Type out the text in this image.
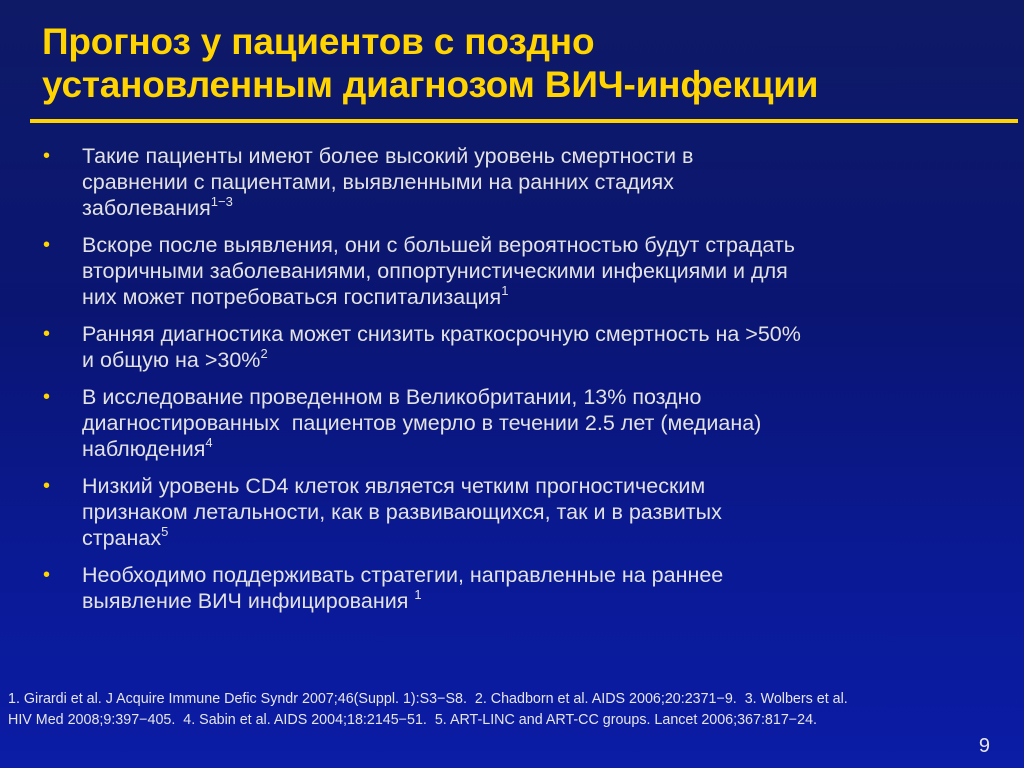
Прогноз у пациентов с поздно
установленным диагнозом ВИЧ-инфекции
• Такие пациенты имеют более высокий уровень смертности в
сравнении с пациентами, выявленными на ранних стадиях
заболевания$^{1-3}$
• Вскоре после выявления, они с большей вероятностью будут страдать
вторичными заболеваниями, оппортунистическими инфекциями и для
них может потребоваться госпитализация$^1$
• Ранняя диагностика может снизить краткосрочную смертность на >50%
и общую на >30%$^2$
• В исследование проведенном в Великобритании, 13% поздно
диагностированных  пациентов умерло в течении 2.5 лет (медиана)
наблюдения$^4$
• Низкий уровень CD4 клеток является четким прогностическим
признаком летальности, как в развивающихся, так и в развитых
странах$^5$
• Необходимо поддерживать стратегии, направленные на раннее
выявление ВИЧ инфицирования $^1$
1. Girardi et al. J Acquire Immune Defic Syndr 2007;46(Suppl. 1):S3−S8.  2. Chadborn et al. AIDS 2006;20:2371−9.  3. Wolbers et al.
HIV Med 2008;9:397−405.  4. Sabin et al. AIDS 2004;18:2145−51.  5. ART-LINC and ART-CC groups. Lancet 2006;367:817−24.
9
